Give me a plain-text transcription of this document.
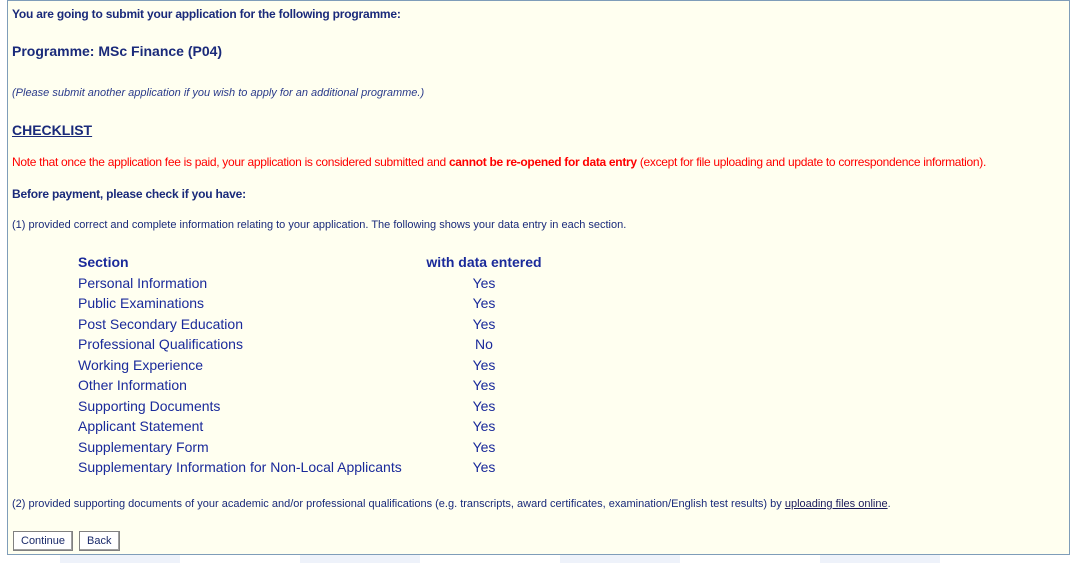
You are going to submit your application for the following programme:
Programme: MSc Finance (P04)
(Please submit another application if you wish to apply for an additional programme.)
CHECKLIST
Note that once the application fee is paid, your application is considered submitted and cannot be re-opened for data entry (except for file uploading and update to correspondence information).
Before payment, please check if you have:
(1) provided correct and complete information relating to your application. The following shows your data entry in each section.
Section	with data entered
Personal Information	Yes
Public Examinations	Yes
Post Secondary Education	Yes
Professional Qualifications	No
Working Experience	Yes
Other Information	Yes
Supporting Documents	Yes
Applicant Statement	Yes
Supplementary Form	Yes
Supplementary Information for Non-Local Applicants	Yes
(2) provided supporting documents of your academic and/or professional qualifications (e.g. transcripts, award certificates, examination/English test results) by uploading files online.
Continue	Back
